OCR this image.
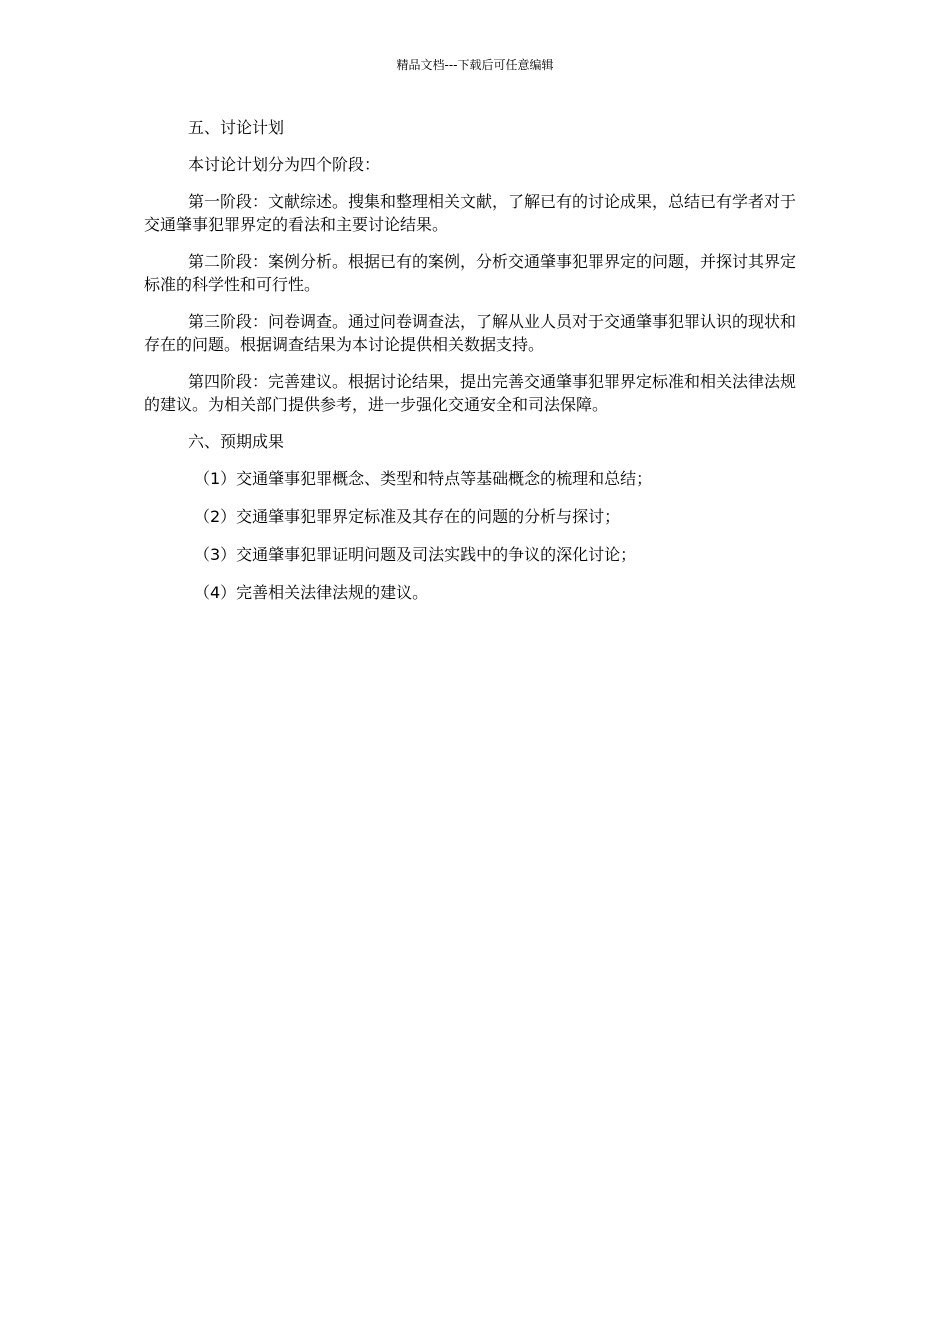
精品文档---下载后可任意编辑

五、讨论计划

本讨论计划分为四个阶段：

第一阶段：文献综述。搜集和整理相关文献，了解已有的讨论成果，总结已有学者对于交通肇事犯罪界定的看法和主要讨论结果。

第二阶段：案例分析。根据已有的案例，分析交通肇事犯罪界定的问题，并探讨其界定标准的科学性和可行性。

第三阶段：问卷调查。通过问卷调查法，了解从业人员对于交通肇事犯罪认识的现状和存在的问题。根据调查结果为本讨论提供相关数据支持。

第四阶段：完善建议。根据讨论结果，提出完善交通肇事犯罪界定标准和相关法律法规的建议。为相关部门提供参考，进一步强化交通安全和司法保障。

六、预期成果

（1）交通肇事犯罪概念、类型和特点等基础概念的梳理和总结；

（2）交通肇事犯罪界定标准及其存在的问题的分析与探讨；

（3）交通肇事犯罪证明问题及司法实践中的争议的深化讨论；

（4）完善相关法律法规的建议。
